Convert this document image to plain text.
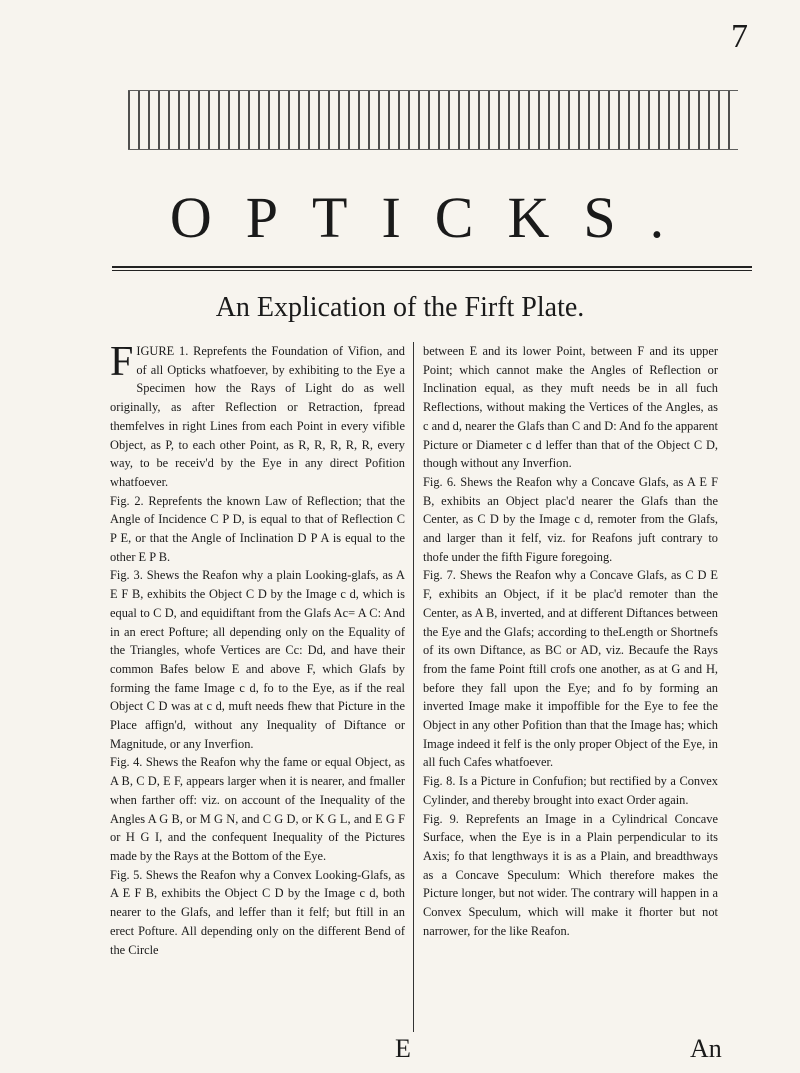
7
OPTICKS.
An Explication of the Firft Plate.
F IGURE 1. Reprefents the Foundation of Vifion, and of all Opticks whatfoever, by exhibiting to the Eye a Specimen how the Rays of Light do as well originally, as after Reflection or Retraction, fpread themfelves in right Lines from each Point in every vifible Object, as P, to each other Point, as R, R, R, R, R, every way, to be receiv'd by the Eye in any direct Pofition whatfoever.

Fig. 2. Reprefents the known Law of Reflection; that the Angle of Incidence C P D, is equal to that of Reflection C P E, or that the Angle of Inclination D P A is equal to the other E P B.

Fig. 3. Shews the Reafon why a plain Looking-glafs, as A E F B, exhibits the Object C D by the Image c d, which is equal to C D, and equidiftant from the Glafs Ac= A C: And in an erect Pofture; all depending only on the Equality of the Triangles, whofe Vertices are Cc: Dd, and have their common Bafes below E and above F, which Glafs by forming the fame Image c d, fo to the Eye, as if the real Object C D was at c d, muft needs fhew that Picture in the Place affign'd, without any Inequality of Diftance or Magnitude, or any Inverfion.

Fig. 4. Shews the Reafon why the fame or equal Object, as A B, C D, E F, appears larger when it is nearer, and fmaller when farther off: viz. on account of the Inequality of the Angles A G B, or M G N, and C G D, or K G L, and E G F or H G I, and the confequent Inequality of the Pictures made by the Rays at the Bottom of the Eye.

Fig. 5. Shews the Reafon why a Convex Looking-Glafs, as A E F B, exhibits the Object C D by the Image c d, both nearer to the Glafs, and leffer than it felf; but ftill in an erect Pofture. All depending only on the different Bend of the Circle

between E and its lower Point, between F and its upper Point; which cannot make the Angles of Reflection or Inclination equal, as they muft needs be in all fuch Reflections, without making the Vertices of the Angles, as c and d, nearer the Glafs than C and D: And fo the apparent Picture or Diameter c d leffer than that of the Object C D, though without any Inverfion.

Fig. 6. Shews the Reafon why a Concave Glafs, as A E F B, exhibits an Object plac'd nearer the Glafs than the Center, as C D by the Image c d, remoter from the Glafs, and larger than it felf, viz. for Reafons juft contrary to thofe under the fifth Figure foregoing.

Fig. 7. Shews the Reafon why a Concave Glafs, as C D E F, exhibits an Object, if it be plac'd remoter than the Center, as A B, inverted, and at different Diftances between the Eye and the Glafs; according to theLength or Shortnefs of its own Diftance, as BC or AD, viz. Becaufe the Rays from the fame Point ftill crofs one another, as at G and H, before they fall upon the Eye; and fo by forming an inverted Image make it impoffible for the Eye to fee the Object in any other Pofition than that the Image has; which Image indeed it felf is the only proper Object of the Eye, in all fuch Cafes whatfoever.

Fig. 8. Is a Picture in Confufion; but rectified by a Convex Cylinder, and thereby brought into exact Order again.

Fig. 9. Reprefents an Image in a Cylindrical Concave Surface, when the Eye is in a Plain perpendicular to its Axis; fo that lengthways it is as a Plain, and breadthways as a Concave Speculum: Which therefore makes the Picture longer, but not wider. The contrary will happen in a Convex Speculum, which will make it fhorter but not narrower, for the like Reafon.

E	An
